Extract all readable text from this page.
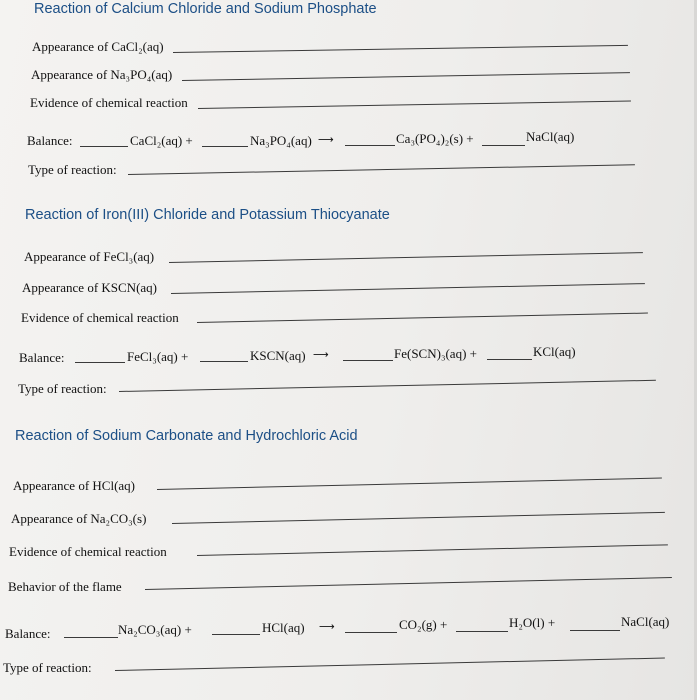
Reaction of Calcium Chloride and Sodium Phosphate
Appearance of CaCl₂(aq)
Appearance of Na₃PO₄(aq)
Evidence of chemical reaction
Balance:	CaCl₂(aq) +	Na₃PO₄(aq) ⟶	Ca₃(PO₄)₂(s) +	NaCl(aq)
Type of reaction:
Reaction of Iron(III) Chloride and Potassium Thiocyanate
Appearance of FeCl₃(aq)
Appearance of KSCN(aq)
Evidence of chemical reaction
Balance:	FeCl₃(aq) +	KSCN(aq) ⟶	Fe(SCN)₃(aq) +	KCl(aq)
Type of reaction:
Reaction of Sodium Carbonate and Hydrochloric Acid
Appearance of HCl(aq)
Appearance of Na₂CO₃(s)
Evidence of chemical reaction
Behavior of the flame
Balance:	Na₂CO₃(aq) +	HCl(aq) ⟶	CO₂(g) +	H₂O(l) +	NaCl(aq)
Type of reaction:
